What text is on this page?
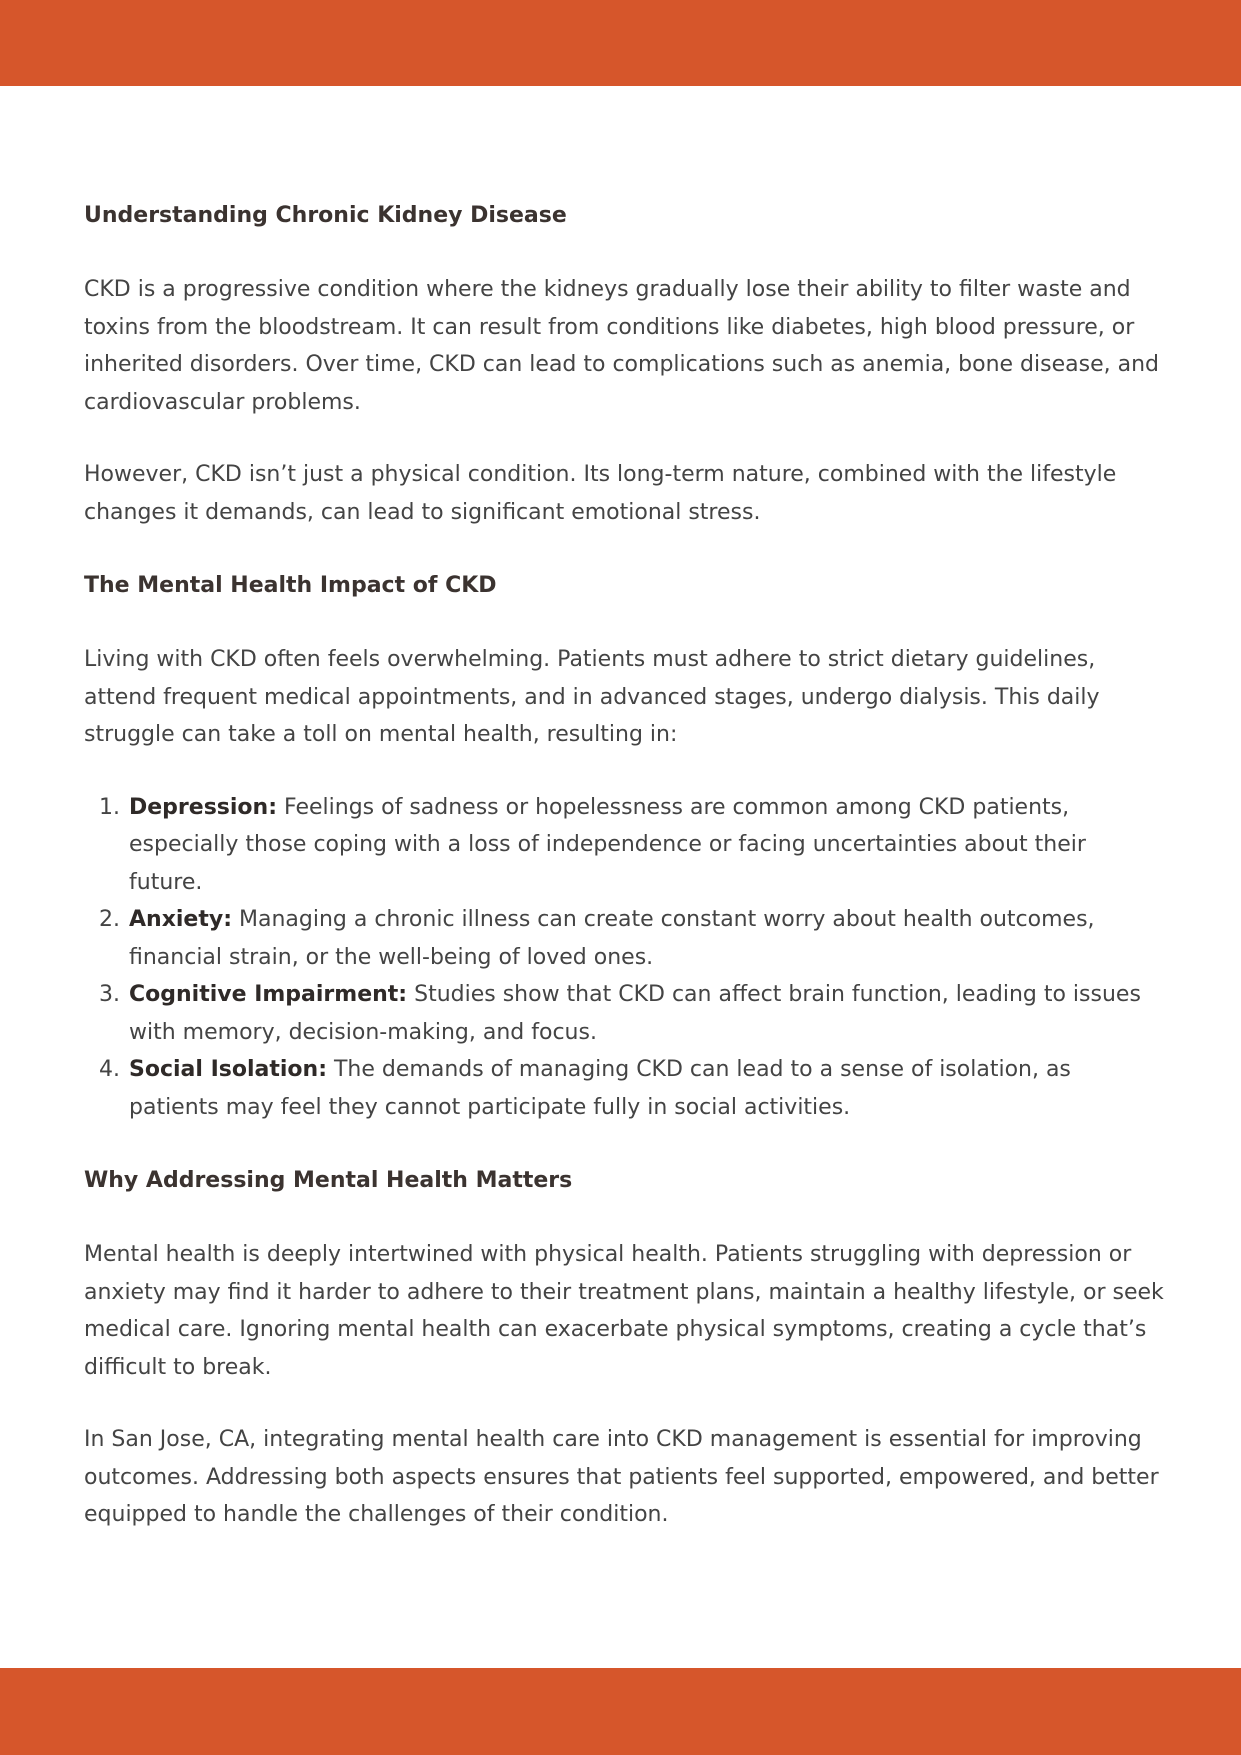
Understanding Chronic Kidney Disease

CKD is a progressive condition where the kidneys gradually lose their ability to filter waste and toxins from the bloodstream. It can result from conditions like diabetes, high blood pressure, or inherited disorders. Over time, CKD can lead to complications such as anemia, bone disease, and cardiovascular problems.

However, CKD isn’t just a physical condition. Its long-term nature, combined with the lifestyle changes it demands, can lead to significant emotional stress.

The Mental Health Impact of CKD

Living with CKD often feels overwhelming. Patients must adhere to strict dietary guidelines, attend frequent medical appointments, and in advanced stages, undergo dialysis. This daily struggle can take a toll on mental health, resulting in:

1. Depression: Feelings of sadness or hopelessness are common among CKD patients, especially those coping with a loss of independence or facing uncertainties about their future.
2. Anxiety: Managing a chronic illness can create constant worry about health outcomes, financial strain, or the well-being of loved ones.
3. Cognitive Impairment: Studies show that CKD can affect brain function, leading to issues with memory, decision-making, and focus.
4. Social Isolation: The demands of managing CKD can lead to a sense of isolation, as patients may feel they cannot participate fully in social activities.
Why Addressing Mental Health Matters

Mental health is deeply intertwined with physical health. Patients struggling with depression or anxiety may find it harder to adhere to their treatment plans, maintain a healthy lifestyle, or seek medical care. Ignoring mental health can exacerbate physical symptoms, creating a cycle that’s difficult to break.

In San Jose, CA, integrating mental health care into CKD management is essential for improving outcomes. Addressing both aspects ensures that patients feel supported, empowered, and better equipped to handle the challenges of their condition.
